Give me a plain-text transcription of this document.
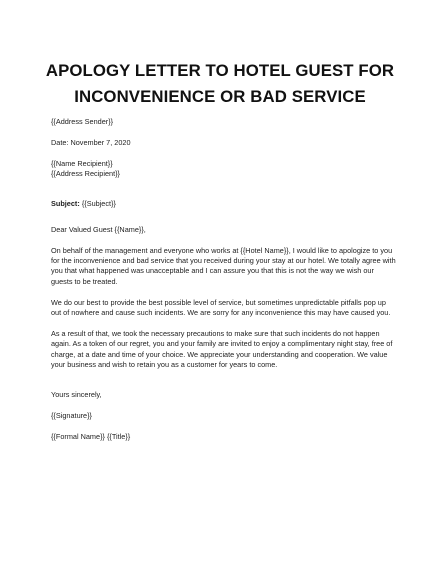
APOLOGY LETTER TO HOTEL GUEST FOR
INCONVENIENCE OR BAD SERVICE

{{Address Sender}}

Date: November 7, 2020

{{Name Recipient}}

{{Address Recipient}}

Subject: {{Subject}}

Dear Valued Guest {{Name}},

On behalf of the management and everyone who works at {{Hotel Name}}, I would like to apologize to you for the inconvenience and bad service that you received during your stay at our hotel. We totally agree with you that what happened was unacceptable and I can assure you that this is not the way we wish our guests to be treated.

We do our best to provide the best possible level of service, but sometimes unpredictable pitfalls pop up out of nowhere and cause such incidents. We are sorry for any inconvenience this may have caused you.

As a result of that, we took the necessary precautions to make sure that such incidents do not happen again. As a token of our regret, you and your family are invited to enjoy a complimentary night stay, free of charge, at a date and time of your choice. We appreciate your understanding and cooperation. We value your business and wish to retain you as a customer for years to come.

Yours sincerely,

{{Signature}}

{{Formal Name}} {{Title}}
